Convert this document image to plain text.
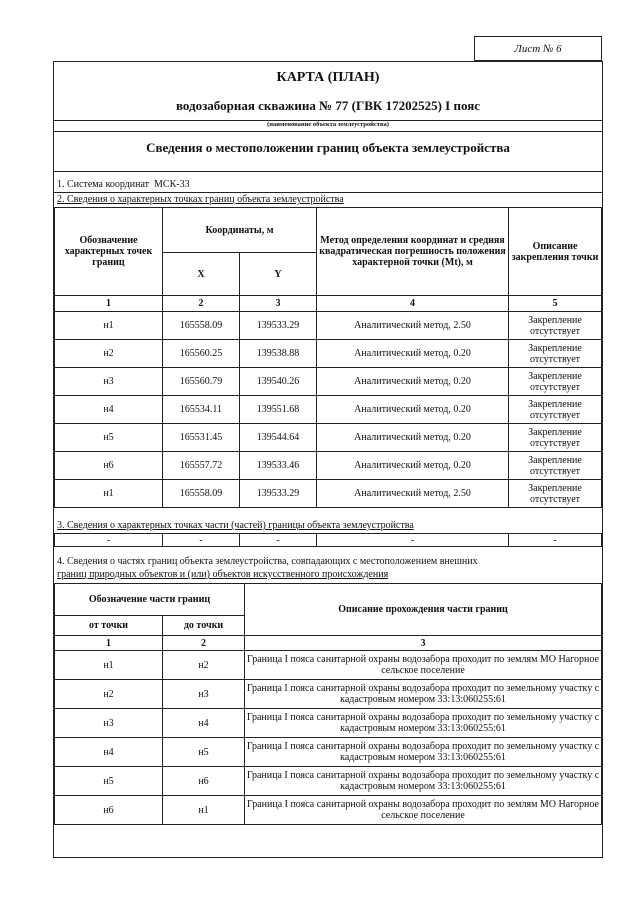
Лист № 6
КАРТА (ПЛАН)
водозаборная скважина № 77 (ГВК 17202525) I пояс
(наименование объекта землеустройства)
Сведения о местоположении границ объекта землеустройства
1. Система координат МСК-33
2. Сведения о характерных точках границ объекта землеустройства
Обозначение характерных точек границ	Координаты, м		Метод определения координат и средняя квадратическая погрешность положения характерной точки (Mt), м	Описание закрепления точки
	X	Y		
1	2	3	4	5
н1	165558.09	139533.29	Аналитический метод, 2.50	Закрепление отсутствует
н2	165560.25	139538.88	Аналитический метод, 0.20	Закрепление отсутствует
н3	165560.79	139540.26	Аналитический метод, 0.20	Закрепление отсутствует
н4	165534.11	139551.68	Аналитический метод, 0.20	Закрепление отсутствует
н5	165531.45	139544.64	Аналитический метод, 0.20	Закрепление отсутствует
н6	165557.72	139533.46	Аналитический метод, 0.20	Закрепление отсутствует
н1	165558.09	139533.29	Аналитический метод, 2.50	Закрепление отсутствует
3. Сведения о характерных точках части (частей) границы объекта землеустройства
-	-	-	-	-
4. Сведения о частях границ объекта землеустройства, совпадающих с местоположением внешних
границ природных объектов и (или) объектов искусственного происхождения
Обозначение части границ		Описание прохождения части границ
от точки	до точки	
1	2	3
н1	н2	Граница I пояса санитарной охраны водозабора проходит по землям МО Нагорное сельское поселение
н2	н3	Граница I пояса санитарной охраны водозабора проходит по земельному участку с кадастровым номером 33:13:060255:61
н3	н4	Граница I пояса санитарной охраны водозабора проходит по земельному участку с кадастровым номером 33:13:060255:61
н4	н5	Граница I пояса санитарной охраны водозабора проходит по земельному участку с кадастровым номером 33:13:060255:61
н5	н6	Граница I пояса санитарной охраны водозабора проходит по земельному участку с кадастровым номером 33:13:060255:61
н6	н1	Граница I пояса санитарной охраны водозабора проходит по землям МО Нагорное сельское поселение
